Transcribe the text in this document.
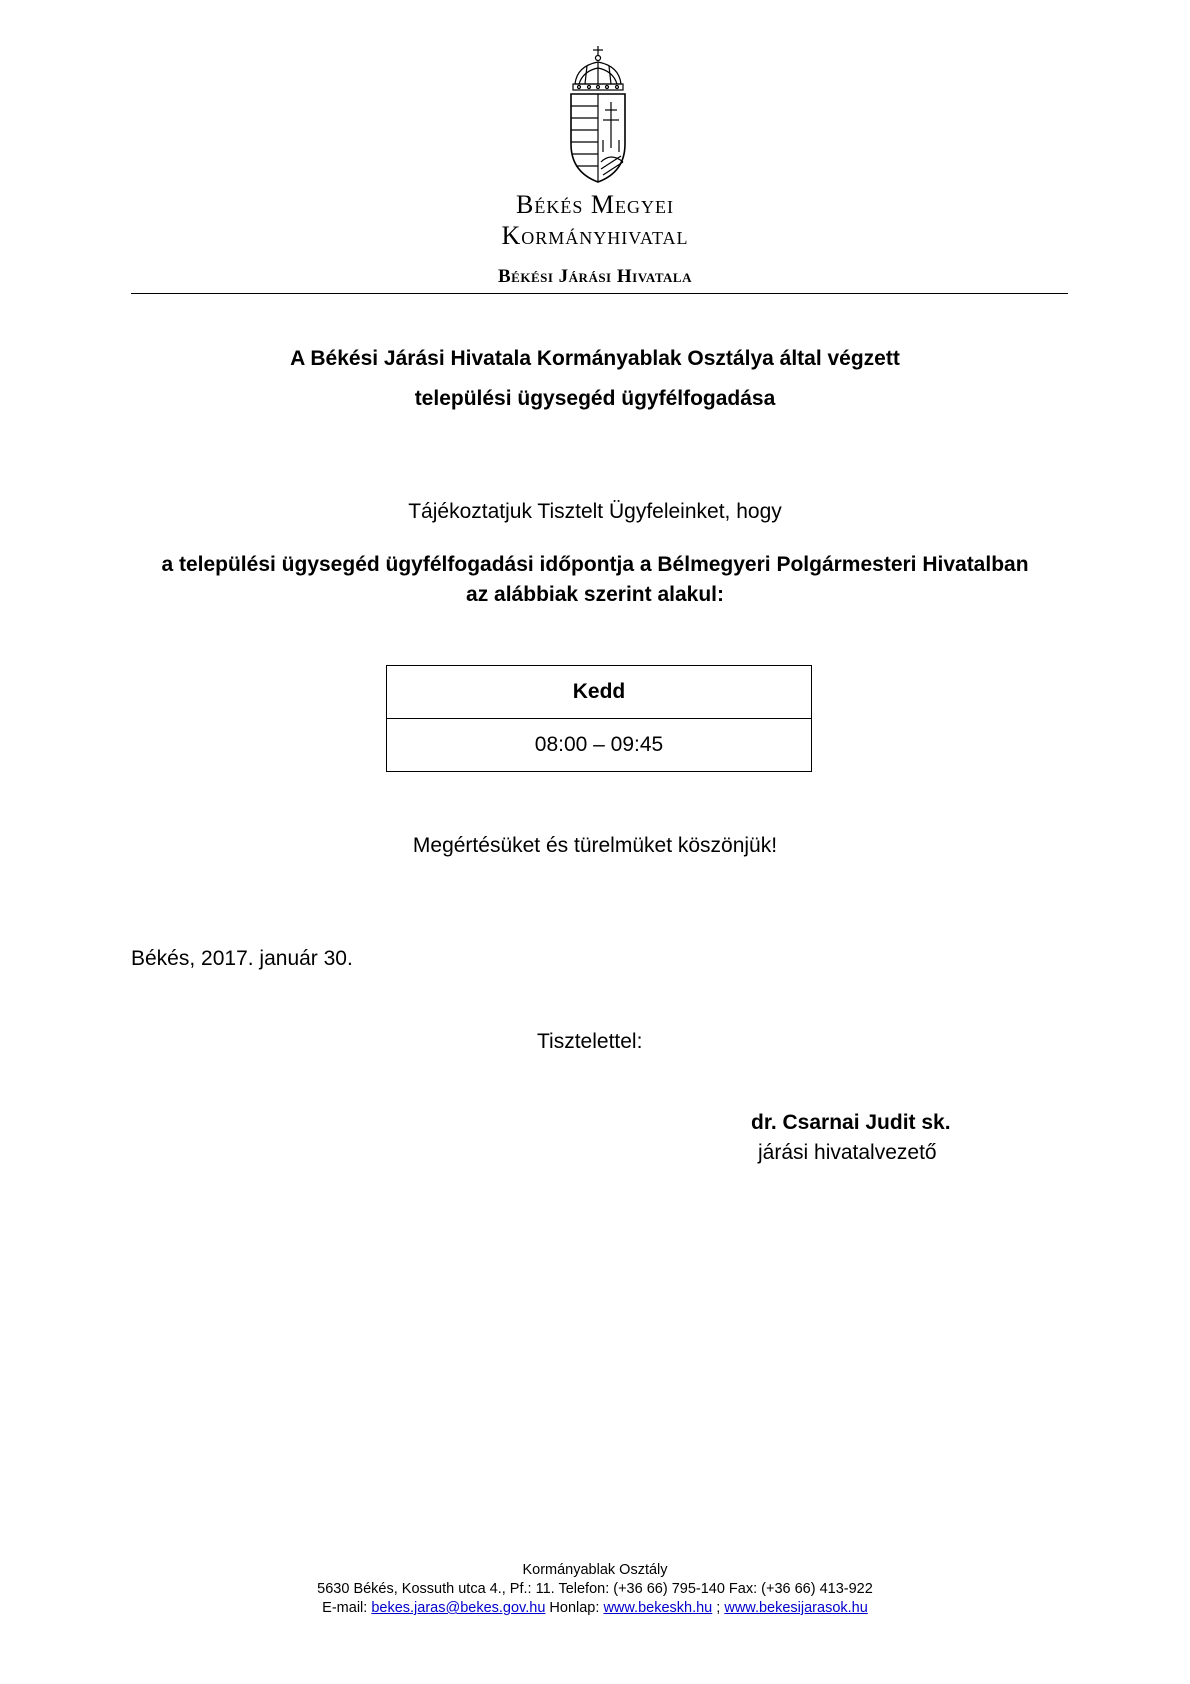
Békés Megyei
Kormányhivatal
Békési Járási Hivatala
A Békési Járási Hivatala Kormányablak Osztálya által végzett
települési ügysegéd ügyfélfogadása
Tájékoztatjuk Tisztelt Ügyfeleinket, hogy
a települési ügysegéd ügyfélfogadási időpontja a Bélmegyeri Polgármesteri Hivatalban az alábbiak szerint alakul:
Kedd
08:00 – 09:45
Megértésüket és türelmüket köszönjük!
Békés, 2017. január 30.
Tisztelettel:
dr. Csarnai Judit sk.
járási hivatalvezető
Kormányablak Osztály
5630 Békés, Kossuth utca 4., Pf.: 11. Telefon: (+36 66) 795-140 Fax: (+36 66) 413-922
E-mail: bekes.jaras@bekes.gov.hu Honlap: www.bekeskh.hu ; www.bekesijarasok.hu
